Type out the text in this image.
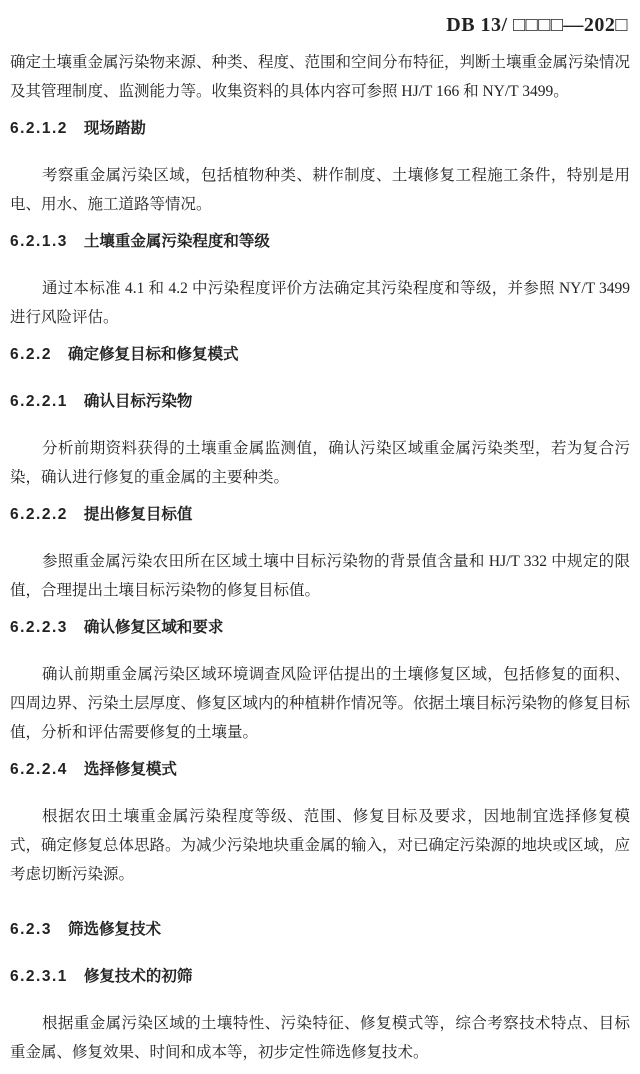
DB 13/ □□□□—202□

确定土壤重金属污染物来源、种类、程度、范围和空间分布特征，判断土壤重金属污染情况及其管理制度、监测能力等。收集资料的具体内容可参照 HJ/T 166 和 NY/T 3499。

6.2.1.2 现场踏勘

考察重金属污染区域，包括植物种类、耕作制度、土壤修复工程施工条件，特别是用电、用水、施工道路等情况。

6.2.1.3 土壤重金属污染程度和等级

通过本标准 4.1 和 4.2 中污染程度评价方法确定其污染程度和等级，并参照 NY/T 3499 进行风险评估。

6.2.2 确定修复目标和修复模式
6.2.2.1 确认目标污染物

分析前期资料获得的土壤重金属监测值，确认污染区域重金属污染类型，若为复合污染，确认进行修复的重金属的主要种类。

6.2.2.2 提出修复目标值

参照重金属污染农田所在区域土壤中目标污染物的背景值含量和 HJ/T 332 中规定的限值，合理提出土壤目标污染物的修复目标值。

6.2.2.3 确认修复区域和要求

确认前期重金属污染区域环境调查风险评估提出的土壤修复区域，包括修复的面积、四周边界、污染土层厚度、修复区域内的种植耕作情况等。依据土壤目标污染物的修复目标值，分析和评估需要修复的土壤量。

6.2.2.4 选择修复模式

根据农田土壤重金属污染程度等级、范围、修复目标及要求，因地制宜选择修复模式，确定修复总体思路。为减少污染地块重金属的输入，对已确定污染源的地块或区域，应考虑切断污染源。

6.2.3 筛选修复技术
6.2.3.1 修复技术的初筛

根据重金属污染区域的土壤特性、污染特征、修复模式等，综合考察技术特点、目标重金属、修复效果、时间和成本等，初步定性筛选修复技术。
